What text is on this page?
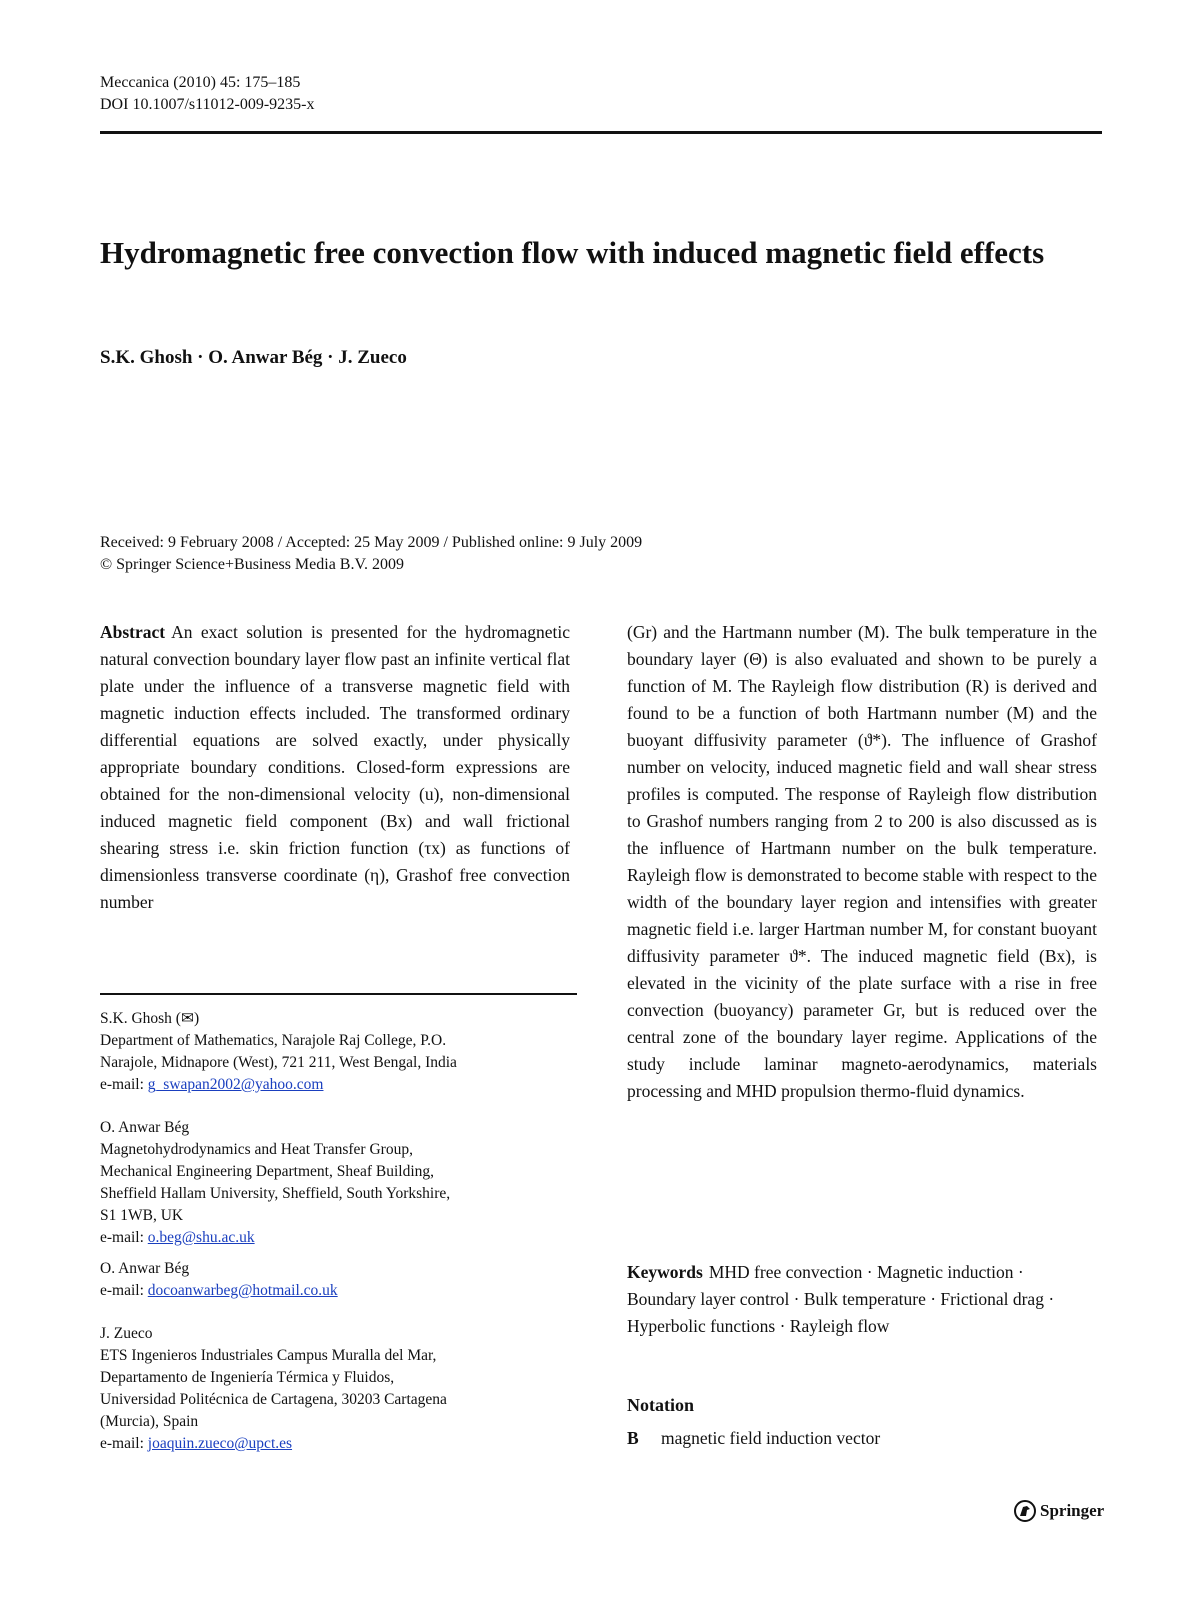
Meccanica (2010) 45: 175–185
DOI 10.1007/s11012-009-9235-x
Hydromagnetic free convection flow with induced magnetic field effects
S.K. Ghosh · O. Anwar Bég · J. Zueco
Received: 9 February 2008 / Accepted: 25 May 2009 / Published online: 9 July 2009
© Springer Science+Business Media B.V. 2009
Abstract An exact solution is presented for the hydromagnetic natural convection boundary layer flow past an infinite vertical flat plate under the influence of a transverse magnetic field with magnetic induction effects included. The transformed ordinary differential equations are solved exactly, under physically appropriate boundary conditions. Closed-form expressions are obtained for the non-dimensional velocity (u), non-dimensional induced magnetic field component (Bx) and wall frictional shearing stress i.e. skin friction function (τx) as functions of dimensionless transverse coordinate (η), Grashof free convection number
S.K. Ghosh (✉)
Department of Mathematics, Narajole Raj College, P.O.
Narajole, Midnapore (West), 721 211, West Bengal, India
e-mail: g_swapan2002@yahoo.com
O. Anwar Bég
Magnetohydrodynamics and Heat Transfer Group,
Mechanical Engineering Department, Sheaf Building,
Sheffield Hallam University, Sheffield, South Yorkshire,
S1 1WB, UK
e-mail: o.beg@shu.ac.uk
O. Anwar Bég
e-mail: docoanwarbeg@hotmail.co.uk
J. Zueco
ETS Ingenieros Industriales Campus Muralla del Mar,
Departamento de Ingeniería Térmica y Fluidos,
Universidad Politécnica de Cartagena, 30203 Cartagena
(Murcia), Spain
e-mail: joaquin.zueco@upct.es
(Gr) and the Hartmann number (M). The bulk temperature in the boundary layer (Θ) is also evaluated and shown to be purely a function of M. The Rayleigh flow distribution (R) is derived and found to be a function of both Hartmann number (M) and the buoyant diffusivity parameter (ϑ*). The influence of Grashof number on velocity, induced magnetic field and wall shear stress profiles is computed. The response of Rayleigh flow distribution to Grashof numbers ranging from 2 to 200 is also discussed as is the influence of Hartmann number on the bulk temperature. Rayleigh flow is demonstrated to become stable with respect to the width of the boundary layer region and intensifies with greater magnetic field i.e. larger Hartman number M, for constant buoyant diffusivity parameter ϑ*. The induced magnetic field (Bx), is elevated in the vicinity of the plate surface with a rise in free convection (buoyancy) parameter Gr, but is reduced over the central zone of the boundary layer regime. Applications of the study include laminar magneto-aerodynamics, materials processing and MHD propulsion thermo-fluid dynamics.
Keywords MHD free convection · Magnetic induction · Boundary layer control · Bulk temperature · Frictional drag · Hyperbolic functions · Rayleigh flow
Notation
B magnetic field induction vector
Springer
